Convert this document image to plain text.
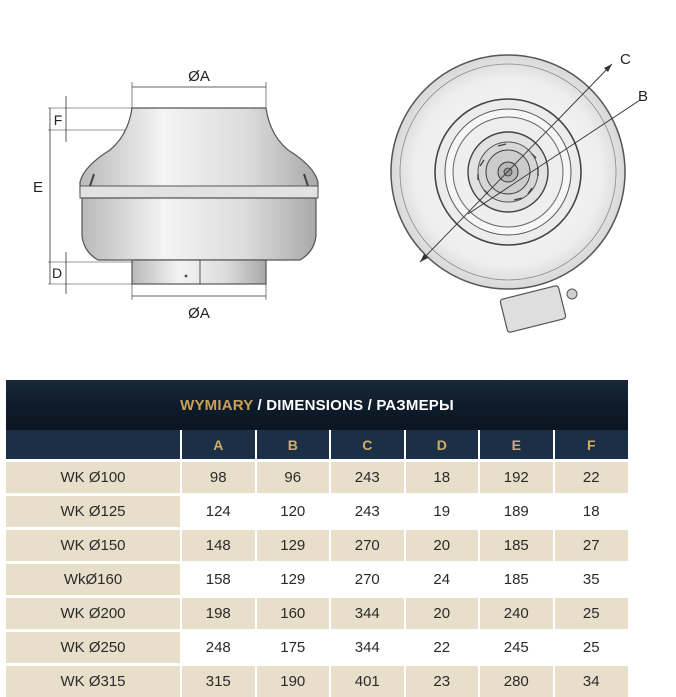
ØA
ØA
F
E
D
C
B
WYMIARY / DIMENSIONS / РАЗМЕРЫ						
	A	B	C	D	E	F
WK Ø100	98	96	243	18	192	22
WK Ø125	124	120	243	19	189	18
WK Ø150	148	129	270	20	185	27
WkØ160	158	129	270	24	185	35
WK Ø200	198	160	344	20	240	25
WK Ø250	248	175	344	22	245	25
WK Ø315	315	190	401	23	280	34
